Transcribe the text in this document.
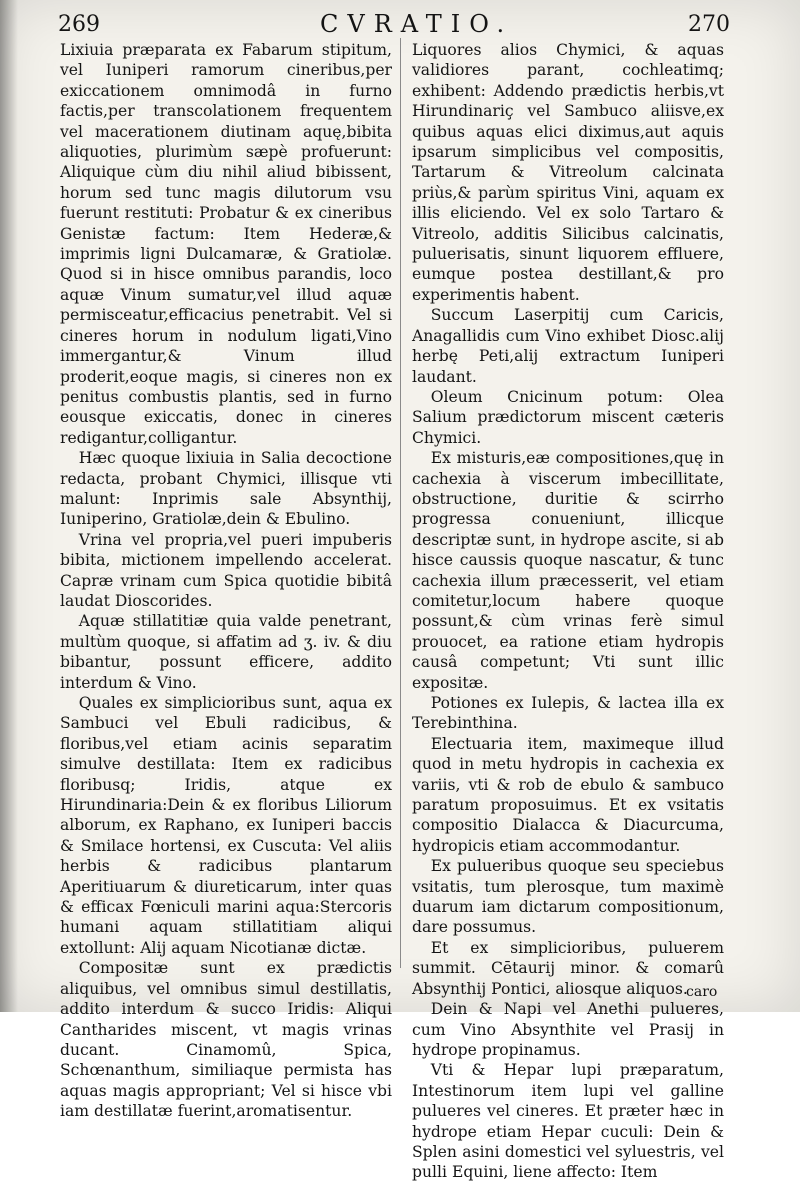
269	CVRATIO.	270

Lixiuia præparata ex Fabarum stipitum, vel Iuniperi ramorum cineribus,per exiccationem omnimodâ in furno factis,per transcolationem frequentem vel macerationem diutinam aquę,bibita aliquoties, plurimùm sæpè profuerunt: Aliquique cùm diu nihil aliud bibissent, horum sed tunc magis dilutorum vsu fuerunt restituti: Probatur & ex cineribus Genistæ factum: Item Hederæ,& imprimis ligni Dulcamaræ, & Gratiolæ. Quod si in hisce omnibus parandis, loco aquæ Vinum sumatur,vel illud aquæ permisceatur,efficacius penetrabit. Vel si cineres horum in nodulum ligati,Vino immergantur,& Vinum illud proderit,eoque magis, si cineres non ex penitus combustis plantis, sed in furno eousque exiccatis, donec in cineres redigantur,colligantur.

Hæc quoque lixiuia in Salia decoctione redacta, probant Chymici, illisque vti malunt: Inprimis sale Absynthij, Iuniperino, Gratiolæ,dein & Ebulino.

Vrina vel propria,vel pueri impuberis bibita, mictionem impellendo accelerat. Capræ vrinam cum Spica quotidie bibitâ laudat Dioscorides.

Aquæ stillatitiæ quia valde penetrant, multùm quoque, si affatim ad ʒ. iv. & diu bibantur, possunt efficere, addito interdum & Vino.

Quales ex simplicioribus sunt, aqua ex Sambuci vel Ebuli radicibus, & floribus,vel etiam acinis separatim simulve destillata: Item ex radicibus floribusq; Iridis, atque ex Hirundinaria:Dein & ex floribus Liliorum alborum, ex Raphano, ex Iuniperi baccis & Smilace hortensi, ex Cuscuta: Vel aliis herbis & radicibus plantarum Aperitiuarum & diureticarum, inter quas & efficax Fœniculi marini aqua:Stercoris humani aquam stillatitiam aliqui extollunt: Alij aquam Nicotianæ dictæ.

Compositæ sunt ex prædictis aliquibus, vel omnibus simul destillatis, addito interdum & succo Iridis: Aliqui Cantharides miscent, vt magis vrinas ducant. Cinamomû, Spica, Schœnanthum, similiaque permista has aquas magis appropriant; Vel si hisce vbi iam destillatæ fuerint,aromatisentur.

Liquores alios Chymici, & aquas validiores parant, cochleatimq; exhibent: Addendo prædictis herbis,vt Hirundinariç vel Sambuco aliisve,ex quibus aquas elici diximus,aut aquis ipsarum simplicibus vel compositis, Tartarum & Vitreolum calcinata priùs,& parùm spiritus Vini, aquam ex illis eliciendo. Vel ex solo Tartaro & Vitreolo, additis Silicibus calcinatis, puluerisatis, sinunt liquorem effluere, eumque postea destillant,& pro experimentis habent.

Succum Laserpitij cum Caricis, Anagallidis cum Vino exhibet Diosc.alij herbę Peti,alij extractum Iuniperi laudant.

Oleum Cnicinum potum: Olea Salium prædictorum miscent cæteris Chymici.

Ex misturis,eæ compositiones,quę in cachexia à viscerum imbecillitate, obstructione, duritie & scirrho progressa conueniunt, illicque descriptæ sunt, in hydrope ascite, si ab hisce caussis quoque nascatur, & tunc cachexia illum præcesserit, vel etiam comitetur,locum habere quoque possunt,& cùm vrinas ferè simul prouocet, ea ratione etiam hydropis causâ competunt; Vti sunt illic expositæ.

Potiones ex Iulepis, & lactea illa ex Terebinthina.

Electuaria item, maximeque illud quod in metu hydropis in cachexia ex variis, vti & rob de ebulo & sambuco paratum proposuimus. Et ex vsitatis compositio Dialacca & Diacurcuma, hydropicis etiam accommodantur.

Ex pulueribus quoque seu speciebus vsitatis, tum plerosque, tum maximè duarum iam dictarum compositionum, dare possumus.

Et ex simplicioribus, puluerem summit. Cētaurij minor. & comarû Absynthij Pontici, aliosque aliquos.

Dein & Napi vel Anethi pulueres, cum Vino Absynthite vel Prasij in hydrope propinamus.

Vti & Hepar lupi præparatum, Intestinorum item lupi vel galline pulueres vel cineres. Et præter hæc in hydrope etiam Hepar cuculi: Dein & Splen asini domestici vel syluestris, vel pulli Equini, liene affecto: Item

caro
